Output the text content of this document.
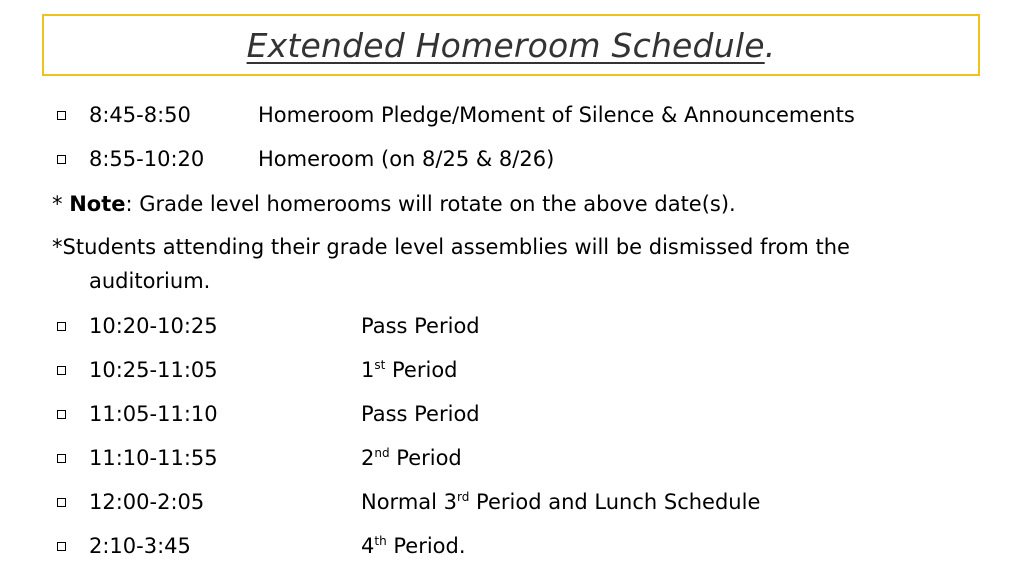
Extended Homeroom Schedule.
8:45-8:50	Homeroom Pledge/Moment of Silence & Announcements
8:55-10:20	Homeroom (on 8/25 & 8/26)
* Note: Grade level homerooms will rotate on the above date(s).
*Students attending their grade level assemblies will be dismissed from the
auditorium.
10:20-10:25	Pass Period
10:25-11:05	1st Period
11:05-11:10	Pass Period
11:10-11:55	2nd Period
12:00-2:05	Normal 3rd Period and Lunch Schedule
2:10-3:45	4th Period.
